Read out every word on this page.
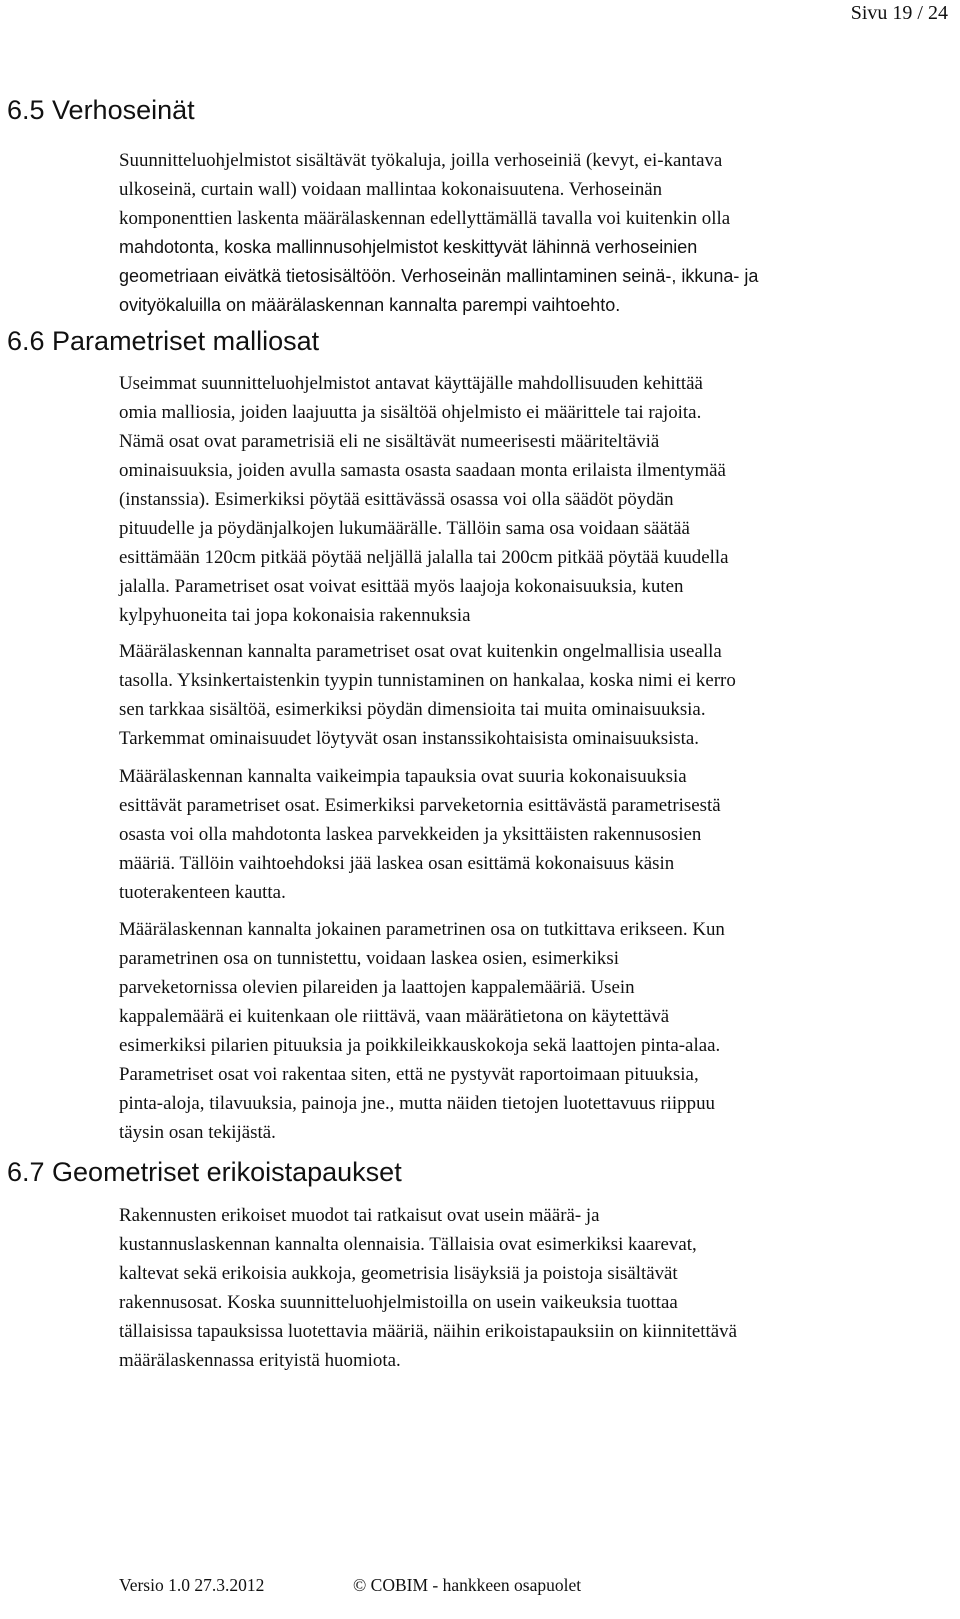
Sivu 19 / 24
6.5 Verhoseinät
Suunnitteluohjelmistot sisältävät työkaluja, joilla verhoseiniä (kevyt, ei-kantava
ulkoseinä, curtain wall) voidaan mallintaa kokonaisuutena. Verhoseinän
komponenttien laskenta määrälaskennan edellyttämällä tavalla voi kuitenkin olla
mahdotonta, koska mallinnusohjelmistot keskittyvät lähinnä verhoseinien
geometriaan eivätkä tietosisältöön. Verhoseinän mallintaminen seinä-, ikkuna- ja
ovityökaluilla on määrälaskennan kannalta parempi vaihtoehto.
6.6 Parametriset malliosat
Useimmat suunnitteluohjelmistot antavat käyttäjälle mahdollisuuden kehittää
omia malliosia, joiden laajuutta ja sisältöä ohjelmisto ei määrittele tai rajoita.
Nämä osat ovat parametrisiä eli ne sisältävät numeerisesti määriteltäviä
ominaisuuksia, joiden avulla samasta osasta saadaan monta erilaista ilmentymää
(instanssia). Esimerkiksi pöytää esittävässä osassa voi olla säädöt pöydän
pituudelle ja pöydänjalkojen lukumäärälle. Tällöin sama osa voidaan säätää
esittämään 120cm pitkää pöytää neljällä jalalla tai 200cm pitkää pöytää kuudella
jalalla. Parametriset osat voivat esittää myös laajoja kokonaisuuksia, kuten
kylpyhuoneita tai jopa kokonaisia rakennuksia
Määrälaskennan kannalta parametriset osat ovat kuitenkin ongelmallisia usealla
tasolla. Yksinkertaistenkin tyypin tunnistaminen on hankalaa, koska nimi ei kerro
sen tarkkaa sisältöä, esimerkiksi pöydän dimensioita tai muita ominaisuuksia.
Tarkemmat ominaisuudet löytyvät osan instanssikohtaisista ominaisuuksista.
Määrälaskennan kannalta vaikeimpia tapauksia ovat suuria kokonaisuuksia
esittävät parametriset osat. Esimerkiksi parveketornia esittävästä parametrisestä
osasta voi olla mahdotonta laskea parvekkeiden ja yksittäisten rakennusosien
määriä. Tällöin vaihtoehdoksi jää laskea osan esittämä kokonaisuus käsin
tuoterakenteen kautta.
Määrälaskennan kannalta jokainen parametrinen osa on tutkittava erikseen. Kun
parametrinen osa on tunnistettu, voidaan laskea osien, esimerkiksi
parveketornissa olevien pilareiden ja laattojen kappalemääriä. Usein
kappalemäärä ei kuitenkaan ole riittävä, vaan määrätietona on käytettävä
esimerkiksi pilarien pituuksia ja poikkileikkauskokoja sekä laattojen pinta-alaa.
Parametriset osat voi rakentaa siten, että ne pystyvät raportoimaan pituuksia,
pinta-aloja, tilavuuksia, painoja jne., mutta näiden tietojen luotettavuus riippuu
täysin osan tekijästä.
6.7 Geometriset erikoistapaukset
Rakennusten erikoiset muodot tai ratkaisut ovat usein määrä- ja
kustannuslaskennan kannalta olennaisia. Tällaisia ovat esimerkiksi kaarevat,
kaltevat sekä erikoisia aukkoja, geometrisia lisäyksiä ja poistoja sisältävät
rakennusosat. Koska suunnitteluohjelmistoilla on usein vaikeuksia tuottaa
tällaisissa tapauksissa luotettavia määriä, näihin erikoistapauksiin on kiinnitettävä
määrälaskennassa erityistä huomiota.
Versio 1.0 27.3.2012	© COBIM - hankkeen osapuolet
